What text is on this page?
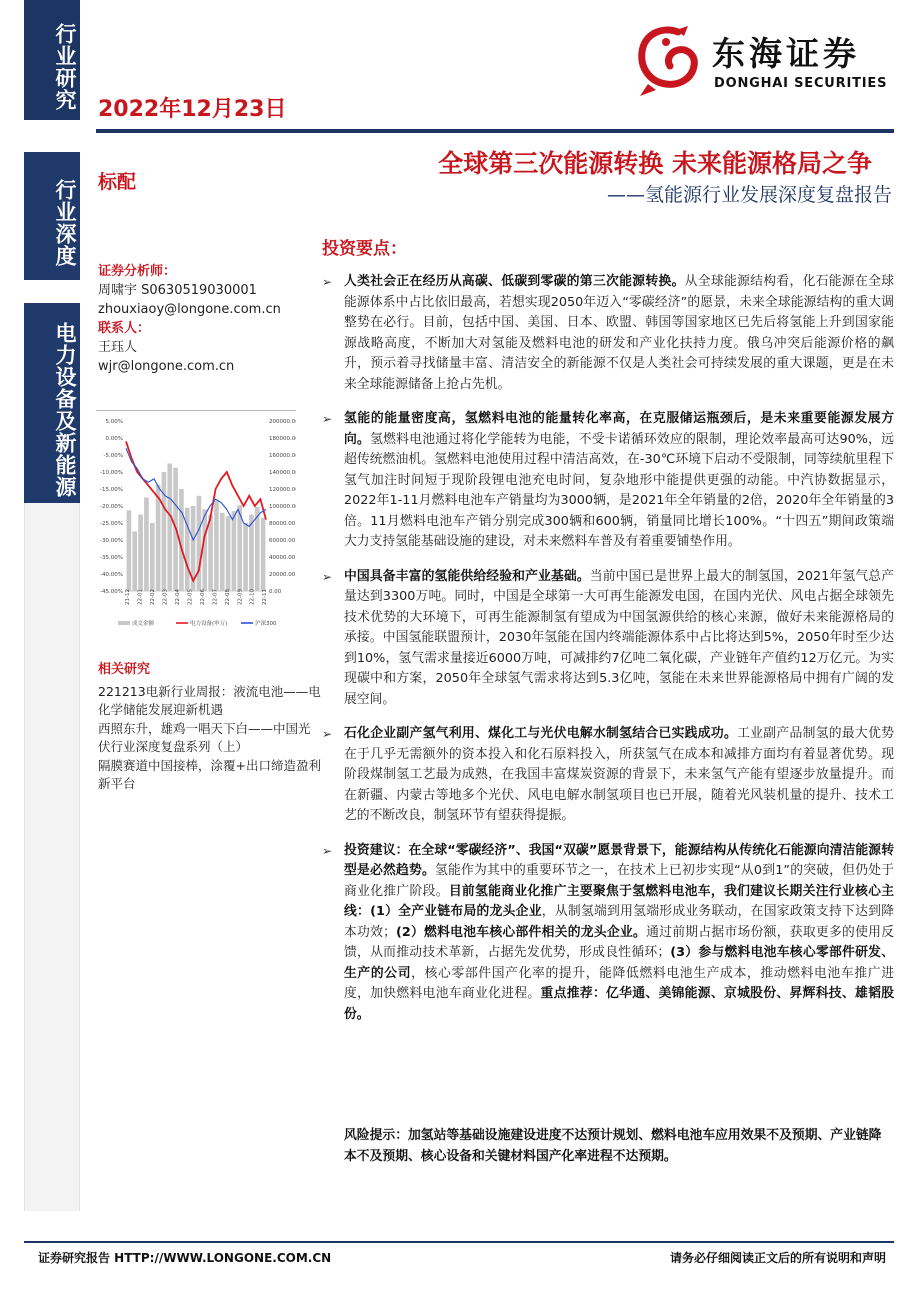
行业研究
行业深度
电力设备及新能源
2022年12月23日
东海证券
DONGHAI SECURITIES
标配
全球第三次能源转换 未来能源格局之争
——氢能源行业发展深度复盘报告
证券分析师：
周啸宇 S0630519030001
zhouxiaoy@longone.com.cn
联系人：
王珏人
wjr@longone.com.cn
5.00%
0.00%
-5.00%
-10.00%
-15.00%
-20.00%
-25.00%
-30.00%
-35.00%
-40.00%
-45.00%
200000.00
180000.00
160000.00
140000.00
120000.00
100000.00
80000.00
60000.00
40000.00
20000.00
0.00
21-12 22-01 22-02 22-03 22-04 22-05 22-06 22-07 22-08 22-09 22-10 22-11
成交金额	电力设备(申万)	沪深300
相关研究
221213电新行业周报：液流电池——电化学储能发展迎新机遇
西照东升，雄鸡一唱天下白——中国光伏行业深度复盘系列（上）
隔膜赛道中国接棒，涂覆+出口缔造盈利新平台
投资要点：
➢ 人类社会正在经历从高碳、低碳到零碳的第三次能源转换。从全球能源结构看，化石能源在全球能源体系中占比依旧最高，若想实现2050年迈入“零碳经济”的愿景，未来全球能源结构的重大调整势在必行。目前，包括中国、美国、日本、欧盟、韩国等国家地区已先后将氢能上升到国家能源战略高度，不断加大对氢能及燃料电池的研发和产业化扶持力度。俄乌冲突后能源价格的飙升，预示着寻找储量丰富、清洁安全的新能源不仅是人类社会可持续发展的重大课题，更是在未来全球能源储备上抢占先机。
➢ 氢能的能量密度高，氢燃料电池的能量转化率高，在克服储运瓶颈后，是未来重要能源发展方向。氢燃料电池通过将化学能转为电能，不受卡诺循环效应的限制，理论效率最高可达90%，远超传统燃油机。氢燃料电池使用过程中清洁高效，在-30℃环境下启动不受限制，同等续航里程下氢气加注时间短于现阶段锂电池充电时间，复杂地形中能提供更强的动能。中汽协数据显示，2022年1-11月燃料电池车产销量均为3000辆，是2021年全年销量的2倍，2020年全年销量的3倍。11月燃料电池车产销分别完成300辆和600辆，销量同比增长100%。“十四五”期间政策端大力支持氢能基础设施的建设，对未来燃料车普及有着重要铺垫作用。
➢ 中国具备丰富的氢能供给经验和产业基础。当前中国已是世界上最大的制氢国，2021年氢气总产量达到3300万吨。同时，中国是全球第一大可再生能源发电国，在国内光伏、风电占据全球领先技术优势的大环境下，可再生能源制氢有望成为中国氢源供给的核心来源，做好未来能源格局的承接。中国氢能联盟预计，2030年氢能在国内终端能源体系中占比将达到5%，2050年时至少达到10%，氢气需求量接近6000万吨，可减排约7亿吨二氧化碳，产业链年产值约12万亿元。为实现碳中和方案，2050年全球氢气需求将达到5.3亿吨，氢能在未来世界能源格局中拥有广阔的发展空间。
➢ 石化企业副产氢气利用、煤化工与光伏电解水制氢结合已实践成功。工业副产品制氢的最大优势在于几乎无需额外的资本投入和化石原料投入，所获氢气在成本和减排方面均有着显著优势。现阶段煤制氢工艺最为成熟，在我国丰富煤炭资源的背景下，未来氢气产能有望逐步放量提升。而在新疆、内蒙古等地多个光伏、风电电解水制氢项目也已开展，随着光风装机量的提升、技术工艺的不断改良，制氢环节有望获得提振。
➢ 投资建议：在全球“零碳经济”、我国“双碳”愿景背景下，能源结构从传统化石能源向清洁能源转型是必然趋势。氢能作为其中的重要环节之一，在技术上已初步实现“从0到1”的突破，但仍处于商业化推广阶段。目前氢能商业化推广主要聚焦于氢燃料电池车，我们建议长期关注行业核心主线：(1）全产业链布局的龙头企业，从制氢端到用氢端形成业务联动，在国家政策支持下达到降本功效；(2）燃料电池车核心部件相关的龙头企业。通过前期占据市场份额，获取更多的使用反馈，从而推动技术革新，占据先发优势，形成良性循环；(3）参与燃料电池车核心零部件研发、生产的公司，核心零部件国产化率的提升，能降低燃料电池生产成本，推动燃料电池车推广进度，加快燃料电池车商业化进程。重点推荐：亿华通、美锦能源、京城股份、昇辉科技、雄韬股份。
风险提示：加氢站等基础设施建设进度不达预计规划、燃料电池车应用效果不及预期、产业链降本不及预期、核心设备和关键材料国产化率进程不达预期。
证券研究报告 HTTP://WWW.LONGONE.COM.CN	请务必仔细阅读正文后的所有说明和声明
